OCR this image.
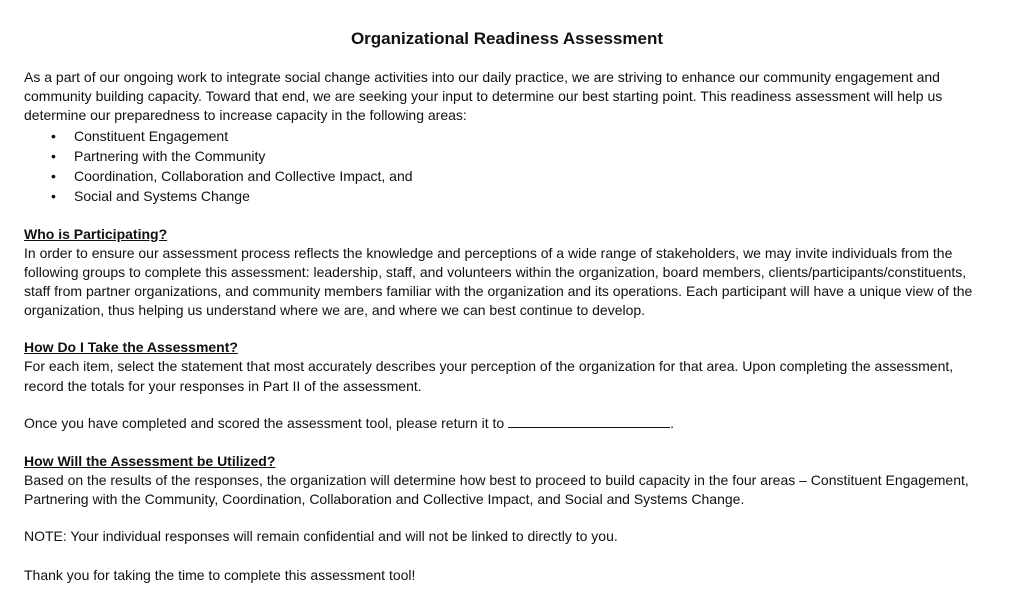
Organizational Readiness Assessment

As a part of our ongoing work to integrate social change activities into our daily practice, we are striving to enhance our community engagement and community building capacity. Toward that end, we are seeking your input to determine our best starting point. This readiness assessment will help us determine our preparedness to increase capacity in the following areas:

• Constituent Engagement
• Partnering with the Community
• Coordination, Collaboration and Collective Impact, and
• Social and Systems Change
Who is Participating?

In order to ensure our assessment process reflects the knowledge and perceptions of a wide range of stakeholders, we may invite individuals from the following groups to complete this assessment: leadership, staff, and volunteers within the organization, board members, clients/participants/constituents, staff from partner organizations, and community members familiar with the organization and its operations. Each participant will have a unique view of the organization, thus helping us understand where we are, and where we can best continue to develop.

How Do I Take the Assessment?

For each item, select the statement that most accurately describes your perception of the organization for that area. Upon completing the assessment, record the totals for your responses in Part II of the assessment.

Once you have completed and scored the assessment tool, please return it to	.

How Will the Assessment be Utilized?

Based on the results of the responses, the organization will determine how best to proceed to build capacity in the four areas – Constituent Engagement, Partnering with the Community, Coordination, Collaboration and Collective Impact, and Social and Systems Change.

NOTE: Your individual responses will remain confidential and will not be linked to directly to you.

Thank you for taking the time to complete this assessment tool!
